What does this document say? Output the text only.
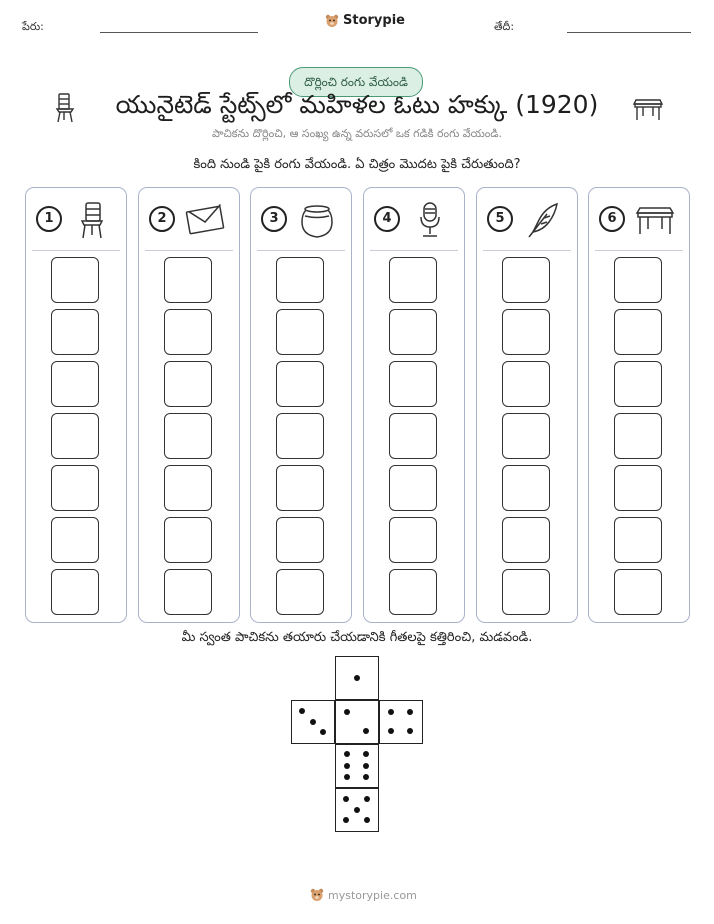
పేరు:	Storypie	తేదీ:
దొర్లించి రంగు వేయండి
యునైటెడ్ స్టేట్స్‌లో మహిళల ఓటు హక్కు (1920)
పాచికను దొర్లించి, ఆ సంఖ్య ఉన్న వరుసలో ఒక గడికి రంగు వేయండి.
కింది నుండి పైకి రంగు వేయండి. ఏ చిత్రం మొదట పైకి చేరుతుంది?
1	2	3	4	5	6
మీ స్వంత పాచికను తయారు చేయడానికి గీతలపై కత్తిరించి, మడవండి.
mystorypie.com
